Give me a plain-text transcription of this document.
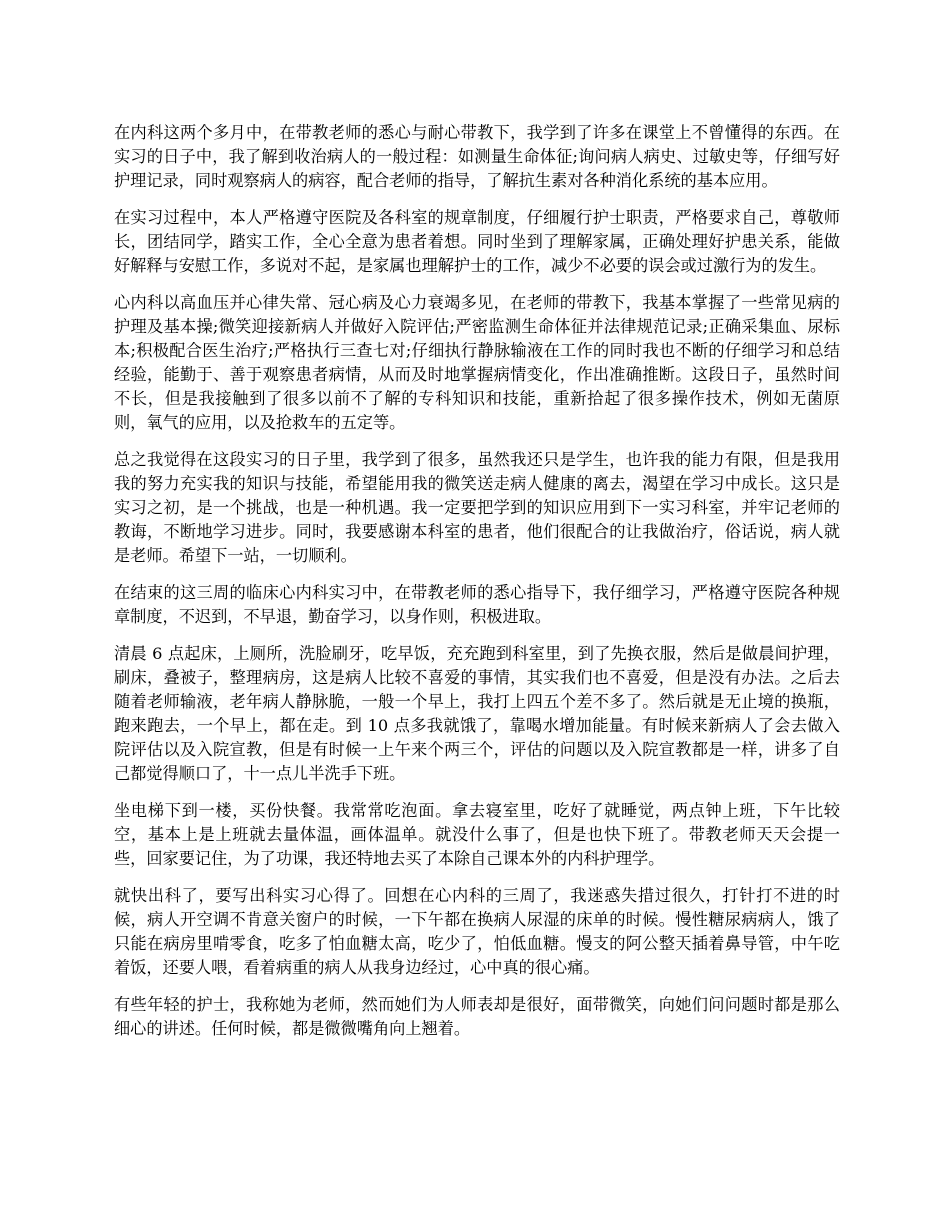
在内科这两个多月中，在带教老师的悉心与耐心带教下，我学到了许多在课堂上不曾懂得的东西。在实习的日子中，我了解到收治病人的一般过程：如测量生命体征;询问病人病史、过敏史等，仔细写好护理记录，同时观察病人的病容，配合老师的指导，了解抗生素对各种消化系统的基本应用。

在实习过程中，本人严格遵守医院及各科室的规章制度，仔细履行护士职责，严格要求自己，尊敬师长，团结同学，踏实工作，全心全意为患者着想。同时坐到了理解家属，正确处理好护患关系，能做好解释与安慰工作，多说对不起，是家属也理解护士的工作，减少不必要的误会或过激行为的发生。

心内科以高血压并心律失常、冠心病及心力衰竭多见，在老师的带教下，我基本掌握了一些常见病的护理及基本操;微笑迎接新病人并做好入院评估;严密监测生命体征并法律规范记录;正确采集血、尿标本;积极配合医生治疗;严格执行三查七对;仔细执行静脉输液在工作的同时我也不断的仔细学习和总结经验，能勤于、善于观察患者病情，从而及时地掌握病情变化，作出准确推断。这段日子，虽然时间不长，但是我接触到了很多以前不了解的专科知识和技能，重新拾起了很多操作技术，例如无菌原则，氧气的应用，以及抢救车的五定等。

总之我觉得在这段实习的日子里，我学到了很多，虽然我还只是学生，也许我的能力有限，但是我用我的努力充实我的知识与技能，希望能用我的微笑送走病人健康的离去，渴望在学习中成长。这只是实习之初，是一个挑战，也是一种机遇。我一定要把学到的知识应用到下一实习科室，并牢记老师的教诲，不断地学习进步。同时，我要感谢本科室的患者，他们很配合的让我做治疗，俗话说，病人就是老师。希望下一站，一切顺利。

在结束的这三周的临床心内科实习中，在带教老师的悉心指导下，我仔细学习，严格遵守医院各种规章制度，不迟到，不早退，勤奋学习，以身作则，积极进取。

清晨 6 点起床，上厕所，洗脸刷牙，吃早饭，充充跑到科室里，到了先换衣服，然后是做晨间护理，刷床，叠被子，整理病房，这是病人比较不喜爱的事情，其实我们也不喜爱，但是没有办法。之后去随着老师输液，老年病人静脉脆，一般一个早上，我打上四五个差不多了。然后就是无止境的换瓶，跑来跑去，一个早上，都在走。到 10 点多我就饿了，靠喝水增加能量。有时候来新病人了会去做入院评估以及入院宣教，但是有时候一上午来个两三个，评估的问题以及入院宣教都是一样，讲多了自己都觉得顺口了，十一点儿半洗手下班。

坐电梯下到一楼，买份快餐。我常常吃泡面。拿去寝室里，吃好了就睡觉，两点钟上班，下午比较空，基本上是上班就去量体温，画体温单。就没什么事了，但是也快下班了。带教老师天天会提一些，回家要记住，为了功课，我还特地去买了本除自己课本外的内科护理学。

就快出科了，要写出科实习心得了。回想在心内科的三周了，我迷惑失措过很久，打针打不进的时候，病人开空调不肯意关窗户的时候，一下午都在换病人尿湿的床单的时候。慢性糖尿病病人，饿了只能在病房里啃零食，吃多了怕血糖太高，吃少了，怕低血糖。慢支的阿公整天插着鼻导管，中午吃着饭，还要人喂，看着病重的病人从我身边经过，心中真的很心痛。

有些年轻的护士，我称她为老师，然而她们为人师表却是很好，面带微笑，向她们问问题时都是那么细心的讲述。任何时候，都是微微嘴角向上翘着。
